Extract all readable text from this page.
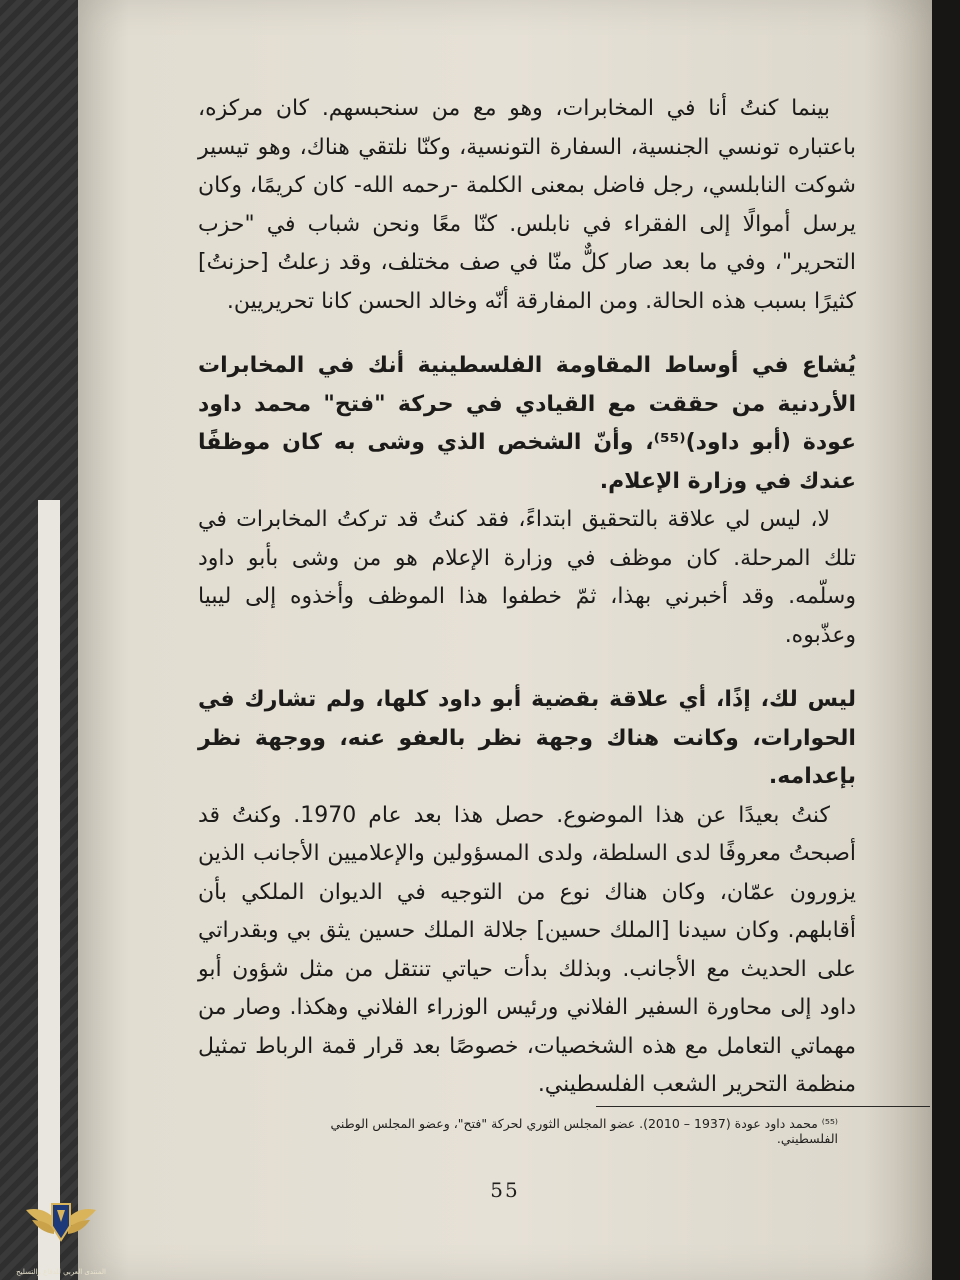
بينما كنتُ أنا في المخابرات، وهو مع من سنحبسهم. كان مركزه، باعتباره تونسي الجنسية، السفارة التونسية، وكنّا نلتقي هناك، وهو تيسير شوكت النابلسي، رجل فاضل بمعنى الكلمة -رحمه الله- كان كريمًا، وكان يرسل أموالًا إلى الفقراء في نابلس. كنّا معًا ونحن شباب في "حزب التحرير"، وفي ما بعد صار كلٌّ منّا في صف مختلف، وقد زعلتُ [حزنتُ] كثيرًا بسبب هذه الحالة. ومن المفارقة أنّه وخالد الحسن كانا تحريريين.

يُشاع في أوساط المقاومة الفلسطينية أنك في المخابرات الأردنية من حققت مع القيادي في حركة "فتح" محمد داود عودة (أبو داود)⁽⁵⁵⁾، وأنّ الشخص الذي وشى به كان موظفًا عندك في وزارة الإعلام.

لا، ليس لي علاقة بالتحقيق ابتداءً، فقد كنتُ قد تركتُ المخابرات في تلك المرحلة. كان موظف في وزارة الإعلام هو من وشى بأبو داود وسلّمه. وقد أخبرني بهذا، ثمّ خطفوا هذا الموظف وأخذوه إلى ليبيا وعذّبوه.

ليس لك، إذًا، أي علاقة بقضية أبو داود كلها، ولم تشارك في الحوارات، وكانت هناك وجهة نظر بالعفو عنه، ووجهة نظر بإعدامه.

كنتُ بعيدًا عن هذا الموضوع. حصل هذا بعد عام 1970. وكنتُ قد أصبحتُ معروفًا لدى السلطة، ولدى المسؤولين والإعلاميين الأجانب الذين يزورون عمّان، وكان هناك نوع من التوجيه في الديوان الملكي بأن أقابلهم. وكان سيدنا [الملك حسين] جلالة الملك حسين يثق بي وبقدراتي على الحديث مع الأجانب. وبذلك بدأت حياتي تنتقل من مثل شؤون أبو داود إلى محاورة السفير الفلاني ورئيس الوزراء الفلاني وهكذا. وصار من مهماتي التعامل مع هذه الشخصيات، خصوصًا بعد قرار قمة الرباط تمثيل منظمة التحرير الشعب الفلسطيني.

⁽⁵⁵⁾ محمد داود عودة (1937 – 2010). عضو المجلس الثوري لحركة "فتح"، وعضو المجلس الوطني الفلسطيني.
55
المنتدى العربي للدفاع والتسليح
